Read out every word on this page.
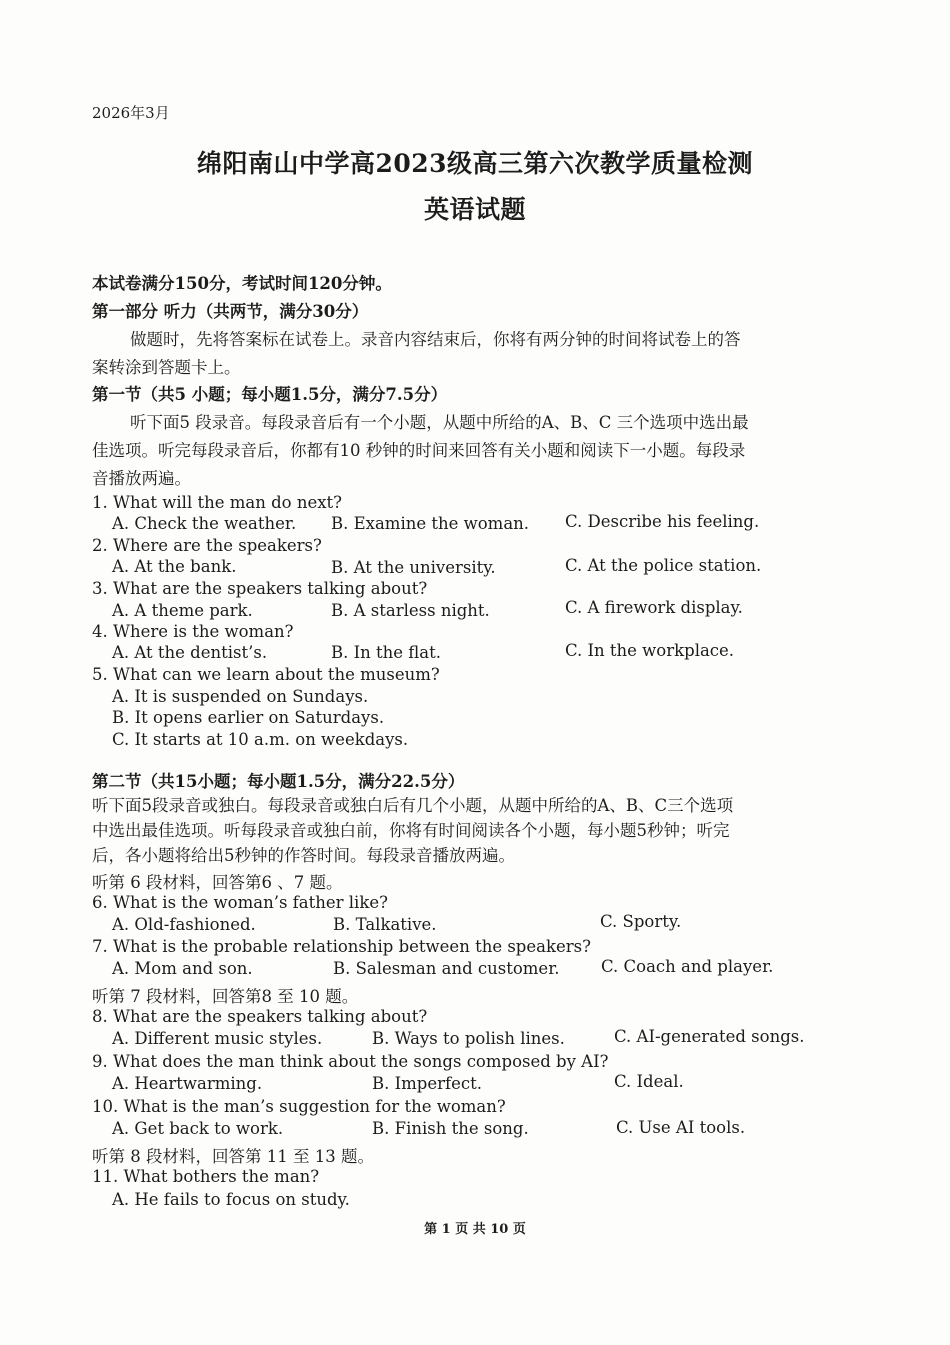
2026年3月
绵阳南山中学高2023级高三第六次教学质量检测
英语试题
本试卷满分150分，考试时间120分钟。
第一部分 听力（共两节，满分30分）
做题时，先将答案标在试卷上。录音内容结束后，你将有两分钟的时间将试卷上的答
案转涂到答题卡上。
第一节（共5 小题；每小题1.5分，满分7.5分）
听下面5 段录音。每段录音后有一个小题，从题中所给的A、B、C 三个选项中选出最
佳选项。听完每段录音后，你都有10 秒钟的时间来回答有关小题和阅读下一小题。每段录
音播放两遍。
1. What will the man do next?
A. Check the weather. B. Examine the woman. C. Describe his feeling.
2. Where are the speakers?
A. At the bank.	B. At the university.	C. At the police station.
3. What are the speakers talking about?
A. A theme park.	B. A starless night.	C. A firework display.
4. Where is the woman?
A. At the dentist’s.	B. In the flat.	C. In the workplace.
5. What can we learn about the museum?
A. It is suspended on Sundays.
B. It opens earlier on Saturdays.
C. It starts at 10 a.m. on weekdays.
第二节（共15小题；每小题1.5分，满分22.5分）
听下面5段录音或独白。每段录音或独白后有几个小题，从题中所给的A、B、C三个选项
中选出最佳选项。听每段录音或独白前，你将有时间阅读各个小题，每小题5秒钟；听完
后，各小题将给出5秒钟的作答时间。每段录音播放两遍。
听第 6 段材料，回答第6 、7 题。
6. What is the woman’s father like?
A. Old-fashioned.	B. Talkative.	C. Sporty.
7. What is the probable relationship between the speakers?
A. Mom and son.	B. Salesman and customer.	C. Coach and player.
听第 7 段材料，回答第8 至 10 题。
8. What are the speakers talking about?
A. Different music styles.	B. Ways to polish lines.	C. AI-generated songs.
9. What does the man think about the songs composed by AI?
A. Heartwarming.	B. Imperfect.	C. Ideal.
10. What is the man’s suggestion for the woman?
A. Get back to work.	B. Finish the song.	C. Use AI tools.
听第 8 段材料，回答第 11 至 13 题。
11. What bothers the man?
A. He fails to focus on study.
第 1 页 共 10 页
